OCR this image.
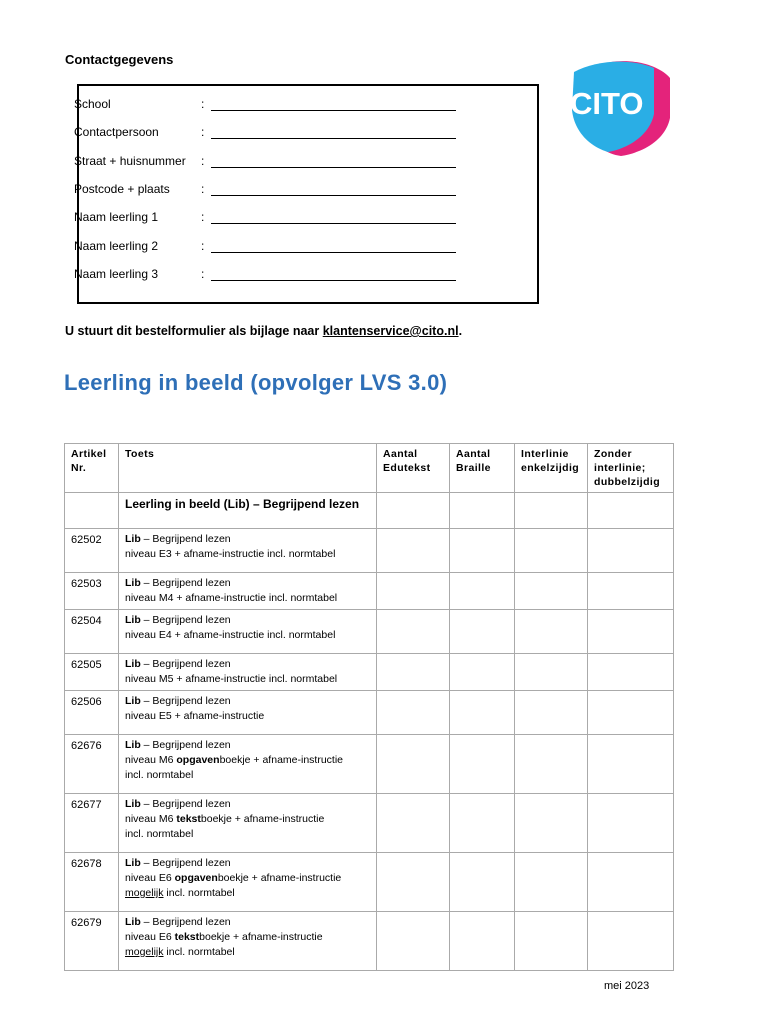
Contactgegevens
School	:
Contactpersoon	:
Straat + huisnummer :
Postcode + plaats	:
Naam leerling 1	:
Naam leerling 2	:
Naam leerling 3	:
CITO
U stuurt dit bestelformulier als bijlage naar klantenservice@cito.nl.
Leerling in beeld (opvolger LVS 3.0)
Artikel Nr.	Toets	Aantal Edutekst	Aantal Braille	Interlinie enkelzijdig	Zonder interlinie; dubbelzijdig
	Leerling in beeld (Lib) – Begrijpend lezen				
62502	Lib – Begrijpend lezen
niveau E3 + afname-instructie incl. normtabel				
62503	Lib – Begrijpend lezen
niveau M4 + afname-instructie incl. normtabel				
62504	Lib – Begrijpend lezen
niveau E4 + afname-instructie incl. normtabel				
62505	Lib – Begrijpend lezen
niveau M5 + afname-instructie incl. normtabel				
62506	Lib – Begrijpend lezen
niveau E5 + afname-instructie				
62676	Lib – Begrijpend lezen
niveau M6 opgavenboekje + afname-instructie
incl. normtabel				
62677	Lib – Begrijpend lezen
niveau M6 tekstboekje + afname-instructie
incl. normtabel				
62678	Lib – Begrijpend lezen
niveau E6 opgavenboekje + afname-instructie
mogelijk incl. normtabel				
62679	Lib – Begrijpend lezen
niveau E6 tekstboekje + afname-instructie
mogelijk incl. normtabel				
mei 2023
